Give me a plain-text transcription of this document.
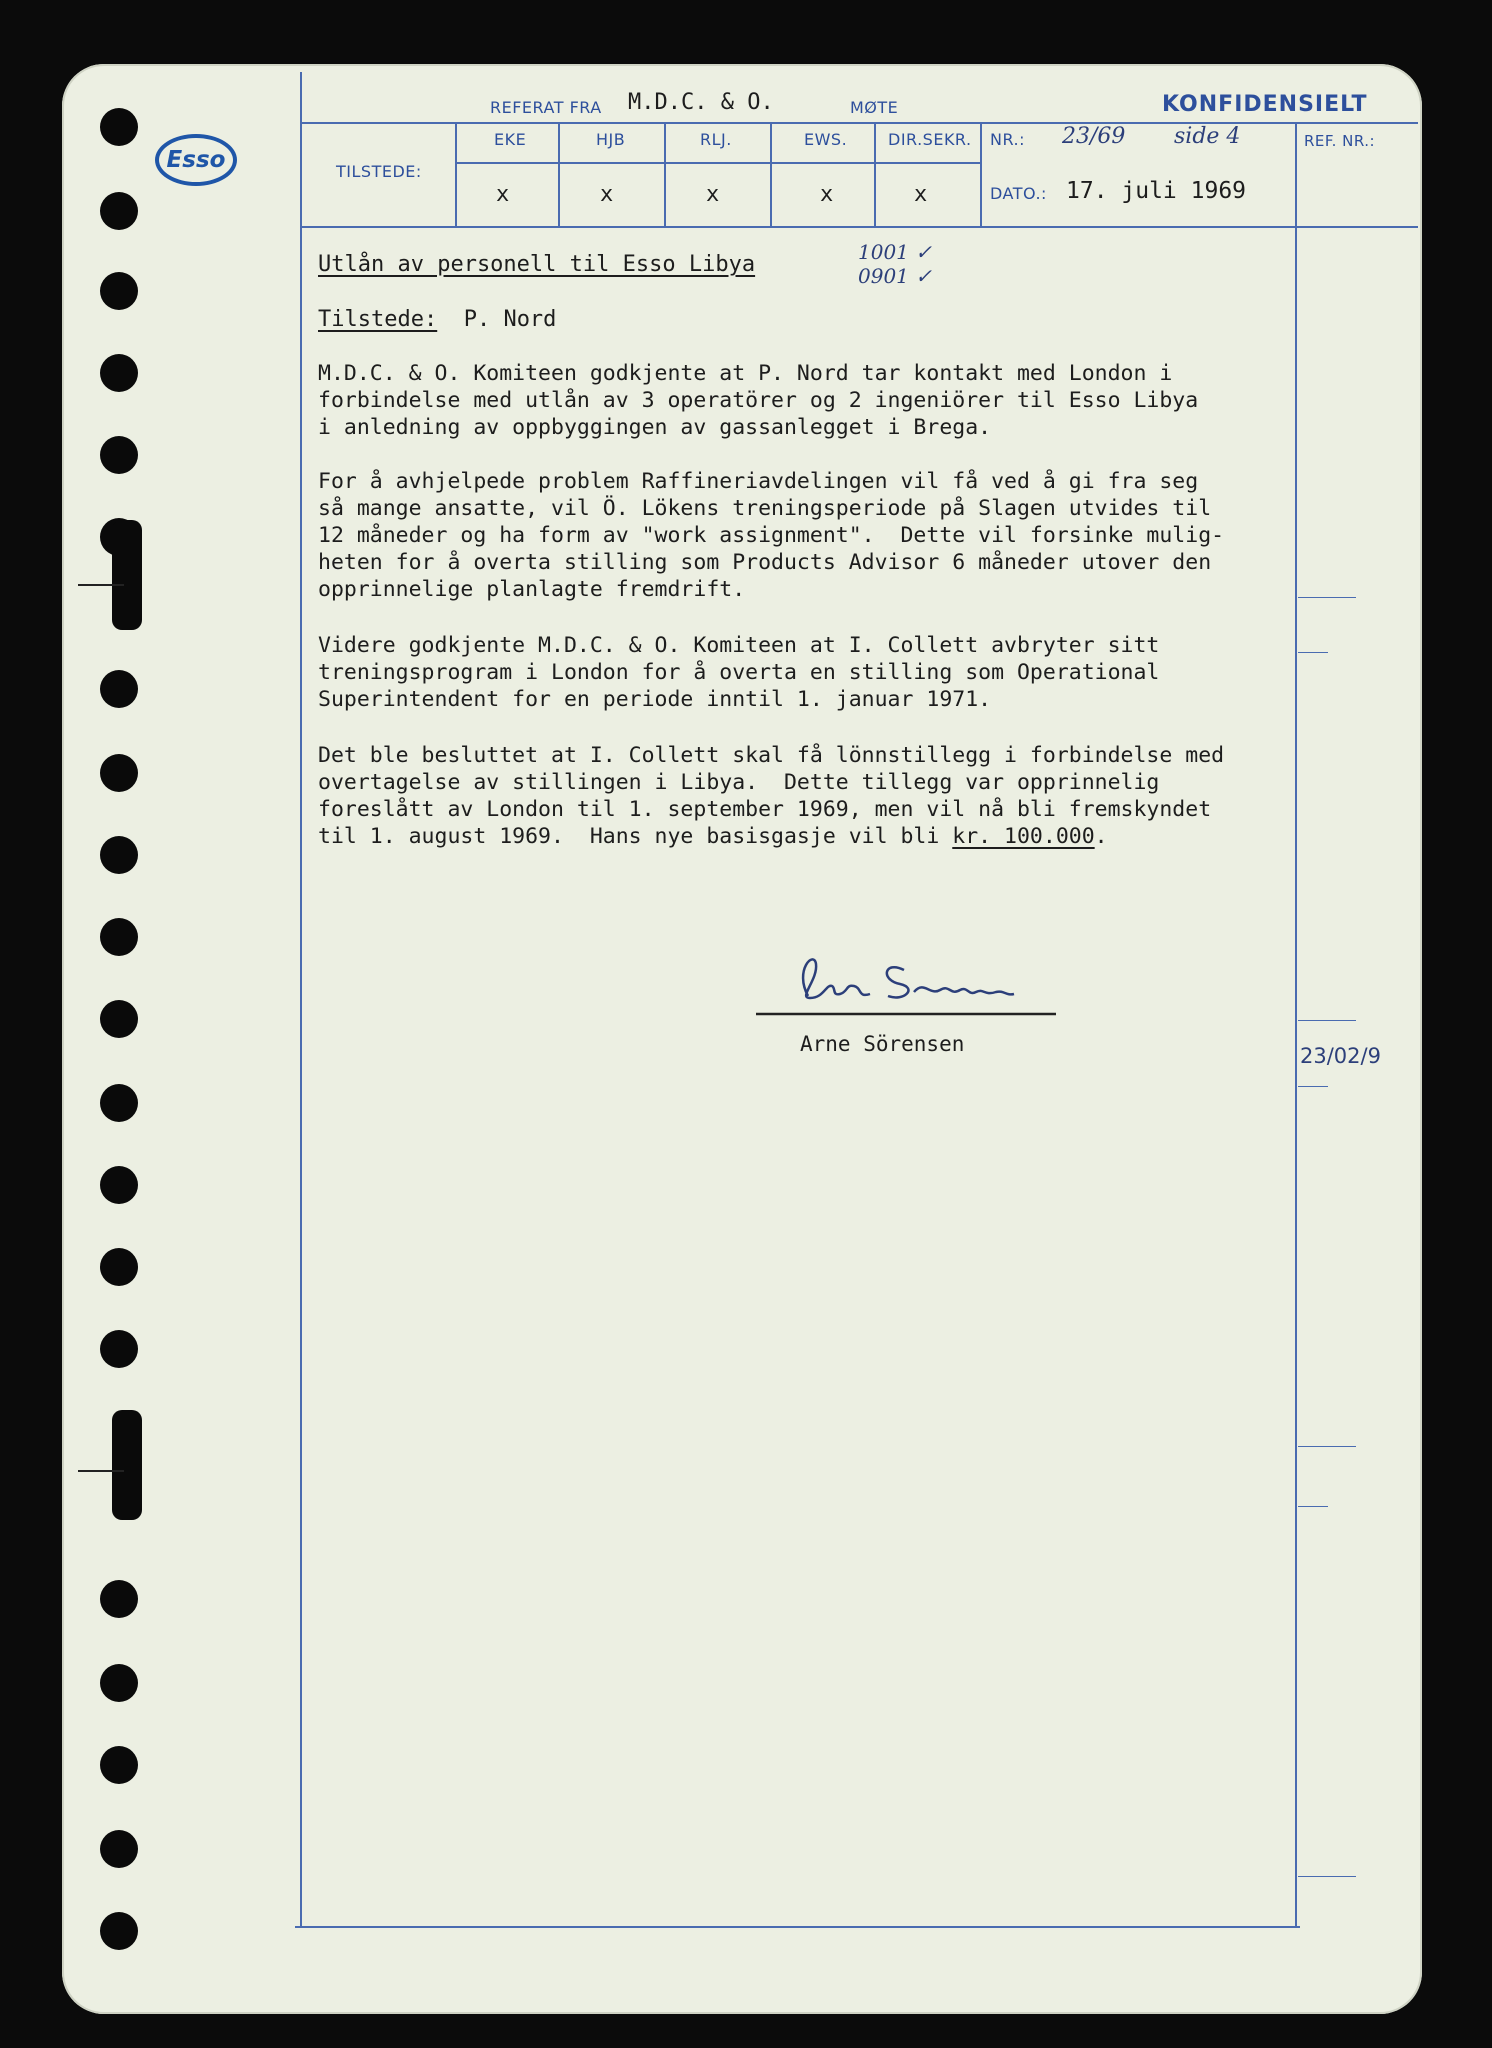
Esso
REFERAT FRA M.D.C. & O.	MØTE	KONFIDENSIELT
EKE	HJB	RLJ.	EWS.	DIR.SEKR. NR.: 23/69 side 4	REF. NR.:
TILSTEDE:
x	x	x	x	x	DATO.: 17. juli 1969
1001 ✓
0901 ✓
Utlån av personell til Esso Libya
Tilstede:  P. Nord
M.D.C. & O. Komiteen godkjente at P. Nord tar kontakt med London i
forbindelse med utlån av 3 operatörer og 2 ingeniörer til Esso Libya
i anledning av oppbyggingen av gassanlegget i Brega.
For å avhjelpede problem Raffineriavdelingen vil få ved å gi fra seg
så mange ansatte, vil Ö. Lökens treningsperiode på Slagen utvides til
12 måneder og ha form av "work assignment".  Dette vil forsinke mulig-
heten for å overta stilling som Products Advisor 6 måneder utover den
opprinnelige planlagte fremdrift.
Videre godkjente M.D.C. & O. Komiteen at I. Collett avbryter sitt
treningsprogram i London for å overta en stilling som Operational
Superintendent for en periode inntil 1. januar 1971.
Det ble besluttet at I. Collett skal få lönnstillegg i forbindelse med
overtagelse av stillingen i Libya.  Dette tillegg var opprinnelig
foreslått av London til 1. september 1969, men vil nå bli fremskyndet
til 1. august 1969.  Hans nye basisgasje vil bli kr. 100.000.
Arne Sörensen	23/02/9
